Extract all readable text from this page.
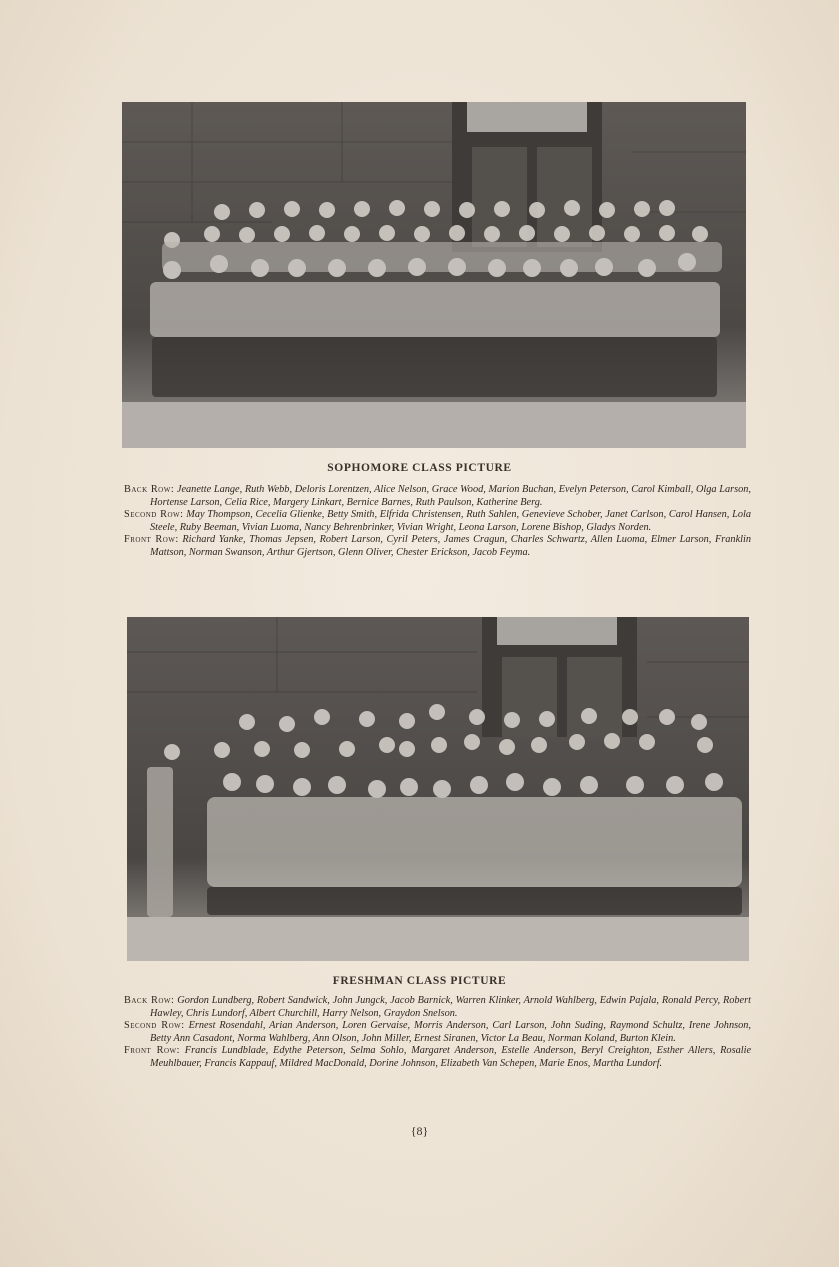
SOPHOMORE CLASS PICTURE

Back Row: Jeanette Lange, Ruth Webb, Deloris Lorentzen, Alice Nelson, Grace Wood, Marion Buchan, Evelyn Peterson, Carol Kimball, Olga Larson, Hortense Larson, Celia Rice, Margery Linkart, Bernice Barnes, Ruth Paulson, Katherine Berg.

Second Row: May Thompson, Cecelia Glienke, Betty Smith, Elfrida Christensen, Ruth Sahlen, Genevieve Schober, Janet Carlson, Carol Hansen, Lola Steele, Ruby Beeman, Vivian Luoma, Nancy Behrenbrinker, Vivian Wright, Leona Larson, Lorene Bishop, Gladys Norden.

Front Row: Richard Yanke, Thomas Jepsen, Robert Larson, Cyril Peters, James Cragun, Charles Schwartz, Allen Luoma, Elmer Larson, Franklin Mattson, Norman Swanson, Arthur Gjertson, Glenn Oliver, Chester Erickson, Jacob Feyma.

FRESHMAN CLASS PICTURE

Back Row: Gordon Lundberg, Robert Sandwick, John Jungck, Jacob Barnick, Warren Klinker, Arnold Wahlberg, Edwin Pajala, Ronald Percy, Robert Hawley, Chris Lundorf, Albert Churchill, Harry Nelson, Graydon Snelson.

Second Row: Ernest Rosendahl, Arian Anderson, Loren Gervaise, Morris Anderson, Carl Larson, John Suding, Raymond Schultz, Irene Johnson, Betty Ann Casadont, Norma Wahlberg, Ann Olson, John Miller, Ernest Siranen, Victor La Beau, Norman Koland, Burton Klein.

Front Row: Francis Lundblade, Edythe Peterson, Selma Sohlo, Margaret Anderson, Estelle Anderson, Beryl Creighton, Esther Allers, Rosalie Meuhlbauer, Francis Kappauf, Mildred MacDonald, Dorine Johnson, Elizabeth Van Schepen, Marie Enos, Martha Lundorf.

{8}
